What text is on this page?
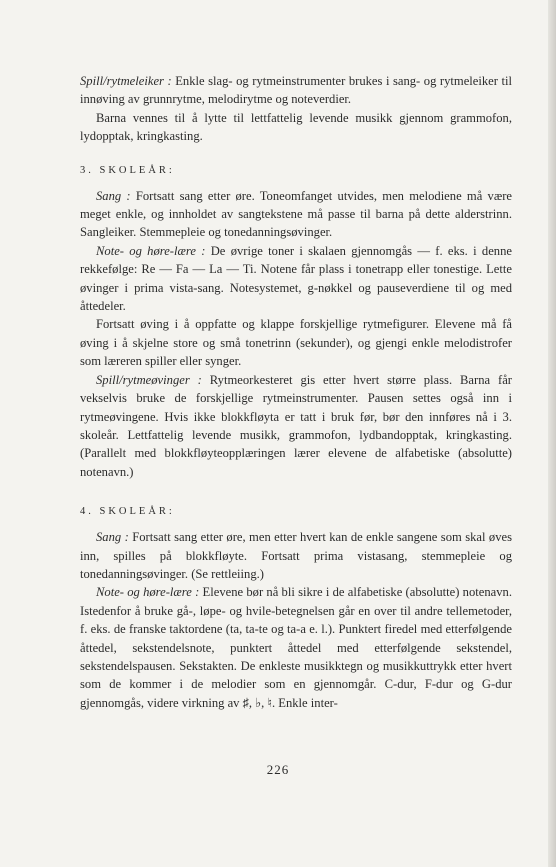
Spill/rytmeleiker : Enkle slag- og rytmeinstrumenter brukes i sang- og rytmeleiker til innøving av grunnrytme, melodirytme og noteverdier.

Barna vennes til å lytte til lettfattelig levende musikk gjennom grammofon, lydopptak, kringkasting.

3. SKOLEÅR:

Sang : Fortsatt sang etter øre. Toneomfanget utvides, men melodiene må være meget enkle, og innholdet av sangtekstene må passe til barna på dette alderstrinn. Sangleiker. Stemmepleie og tonedanningsøvinger.

Note- og høre-lære : De øvrige toner i skalaen gjennomgås — f. eks. i denne rekkefølge: Re — Fa — La — Ti. Notene får plass i tonetrapp eller tonestige. Lette øvinger i prima vista-sang. Notesystemet, g-nøkkel og pauseverdiene til og med åttedeler.

Fortsatt øving i å oppfatte og klappe forskjellige rytmefigurer. Elevene må få øving i å skjelne store og små tonetrinn (sekunder), og gjengi enkle melodistrofer som læreren spiller eller synger.

Spill/rytmeøvinger : Rytmeorkesteret gis etter hvert større plass. Barna får vekselvis bruke de forskjellige rytmeinstrumenter. Pausen settes også inn i rytmeøvingene. Hvis ikke blokkfløyta er tatt i bruk før, bør den innføres nå i 3. skoleår. Lettfattelig levende musikk, grammofon, lydbandopptak, kringkasting. (Parallelt med blokkfløyteopplæringen lærer elevene de alfabetiske (absolutte) notenavn.)

4. SKOLEÅR:

Sang : Fortsatt sang etter øre, men etter hvert kan de enkle sangene som skal øves inn, spilles på blokkfløyte. Fortsatt prima vistasang, stemmepleie og tonedanningsøvinger. (Se rettleiing.)

Note- og høre-lære : Elevene bør nå bli sikre i de alfabetiske (absolutte) notenavn. Istedenfor å bruke gå-, løpe- og hvile-betegnelsen går en over til andre tellemetoder, f. eks. de franske taktordene (ta, ta-te og ta-a e. l.). Punktert firedel med etterfølgende åttedel, sekstendelsnote, punktert åttedel med etterfølgende sekstendel, sekstendelspausen. Sekstakten. De enkleste musikktegn og musikkuttrykk etter hvert som de kommer i de melodier som en gjennomgår. C-dur, F-dur og G-dur gjennomgås, videre virkning av ♯, ♭, ♮. Enkle inter-

226
